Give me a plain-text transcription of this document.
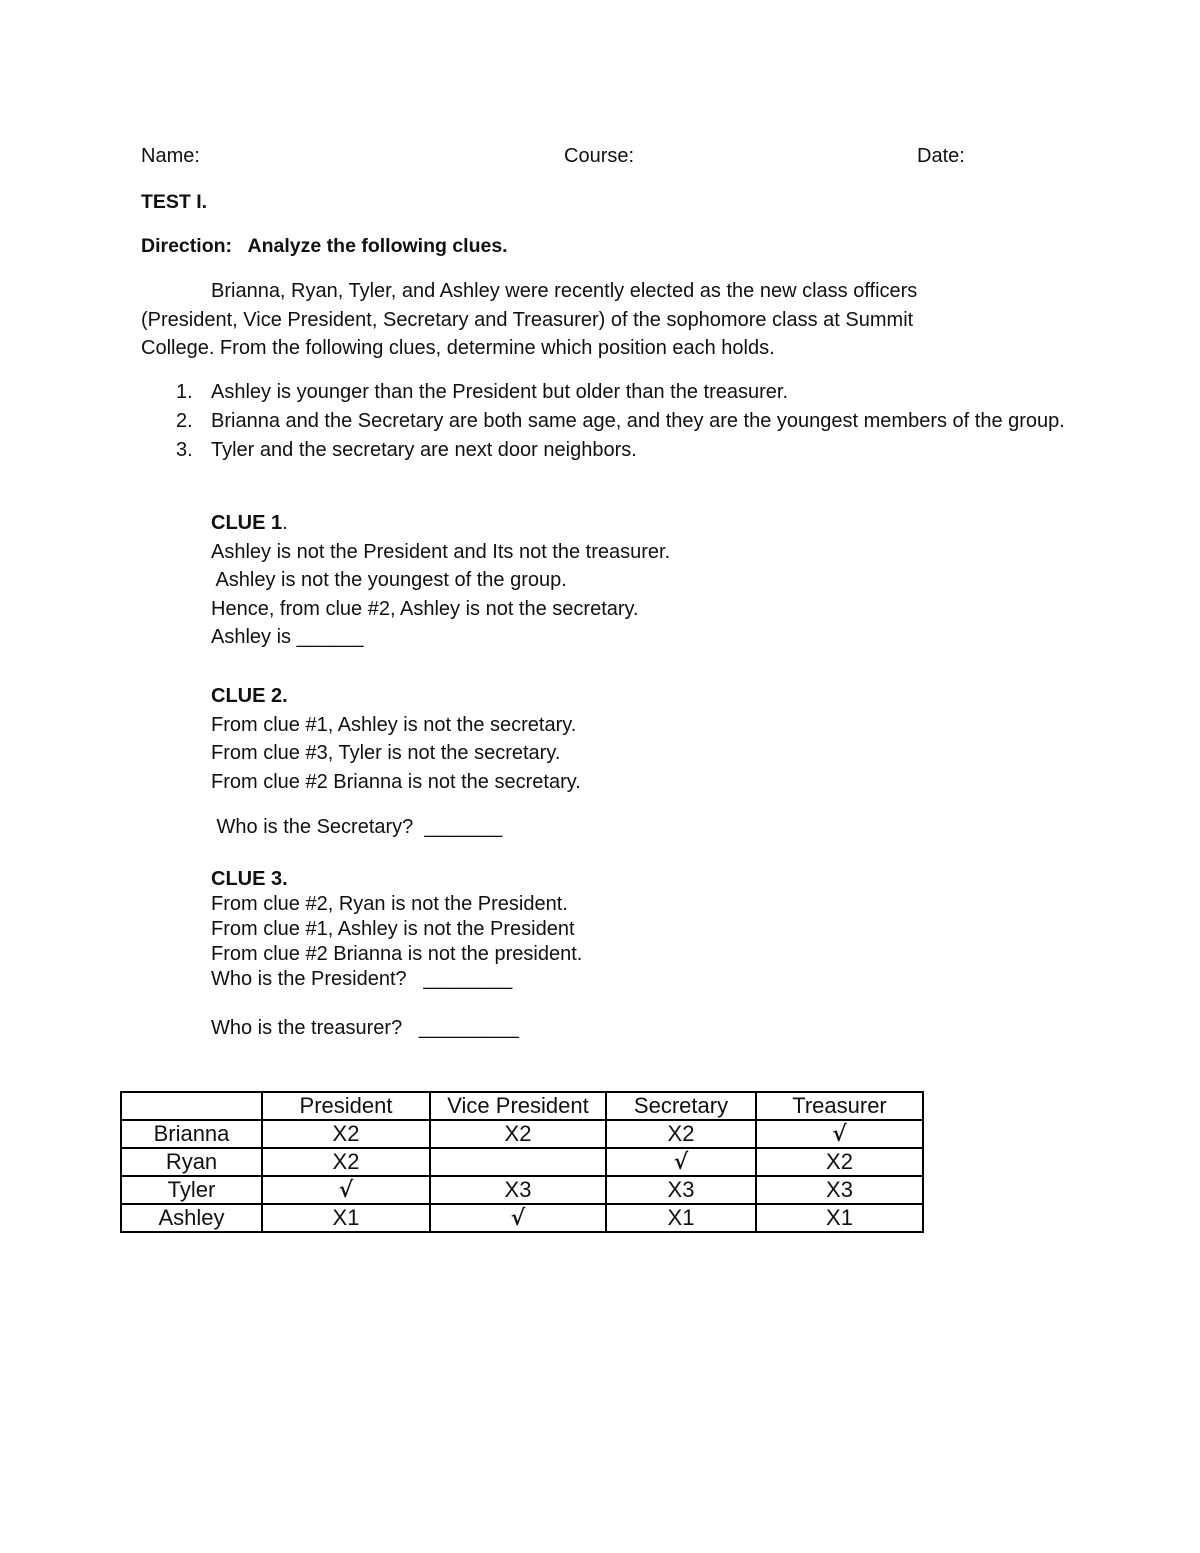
Name:	Course:	Date:
TEST I.
Direction: Analyze the following clues.
Brianna, Ryan, Tyler, and Ashley were recently elected as the new class officers
(President, Vice President, Secretary and Treasurer) of the sophomore class at Summit
College. From the following clues, determine which position each holds.
1. Ashley is younger than the President but older than the treasurer.
2. Brianna and the Secretary are both same age, and they are the youngest members of the group.
3. Tyler and the secretary are next door neighbors.
CLUE 1.
Ashley is not the President and Its not the treasurer.
Ashley is not the youngest of the group.
Hence, from clue #2, Ashley is not the secretary.
Ashley is ______
CLUE 2.
From clue #1, Ashley is not the secretary.
From clue #3, Tyler is not the secretary.
From clue #2 Brianna is not the secretary.
Who is the Secretary?  _______
CLUE 3.
From clue #2, Ryan is not the President.
From clue #1, Ashley is not the President
From clue #2 Brianna is not the president.
Who is the President?   ________
Who is the treasurer?   _________
	President	Vice President	Secretary	Treasurer
Brianna	X2	X2	X2	√
Ryan	X2		√	X2
Tyler	√	X3	X3	X3
Ashley	X1	√	X1	X1
